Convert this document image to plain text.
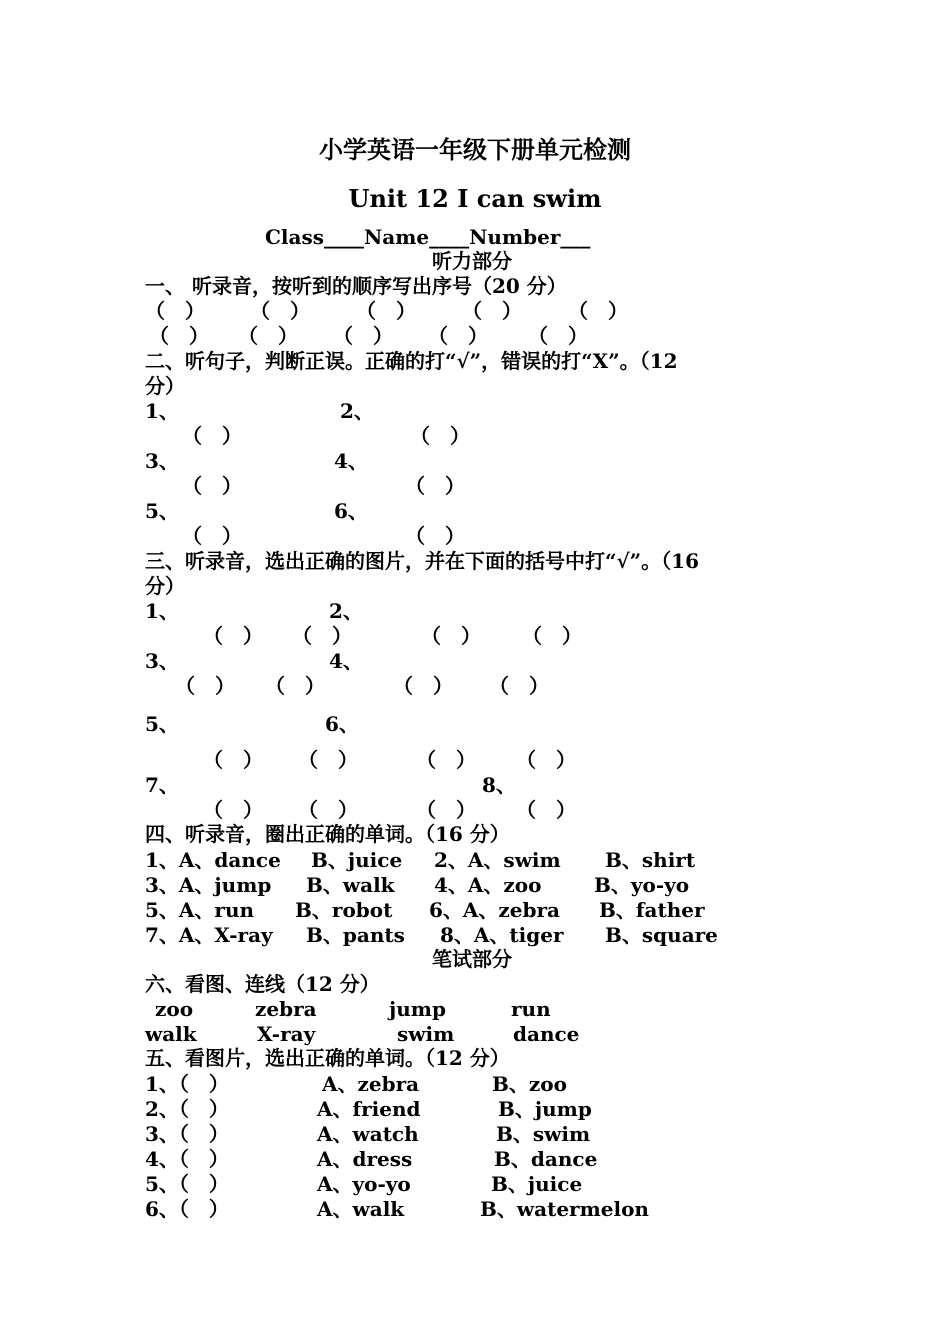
小学英语一年级下册单元检测
Unit 12 I can swim
Class____Name____Number___
听力部分
一、 听录音，按听到的顺序写出序号（20 分）
（　） （　） （　） （　） （　）
（　） （　） （　） （　） （　）
二、听句子，判断正误。正确的打“√”，错误的打“X”。（12
分）
1、	2、
（　）	（　）
3、	4、
（　）	（　）
5、	6、
（　）	（　）
三、听录音，选出正确的图片，并在下面的括号中打“√”。（16
分）
1、	2、
（　） （　）	（　） （　）
3、	4、
（　） （　）	（　） （　）
5、	6、
（　） （　）	（　） （　）
7、	8、
（　） （　）	（　） （　）
四、听录音，圈出正确的单词。（16 分）
1、A、dance B、juice 2、A、swim B、shirt
3、A、jump B、walk 4、A、zoo	B、yo-yo
5、A、run B、robot 6、A、zebra B、father
7、A、X-ray B、pants 8、A、tiger B、square
笔试部分
六、看图、连线（12 分）
zoo	zebra	jump	run
walk	X-ray	swim	dance
五、看图片，选出正确的单词。（12 分）
1、（　）	A、zebra	B、zoo
2、（　）	A、friend	B、jump
3、（　）	A、watch	B、swim
4、（　）	A、dress	B、dance
5、（　）	A、yo-yo	B、juice
6、（　）	A、walk	B、watermelon
